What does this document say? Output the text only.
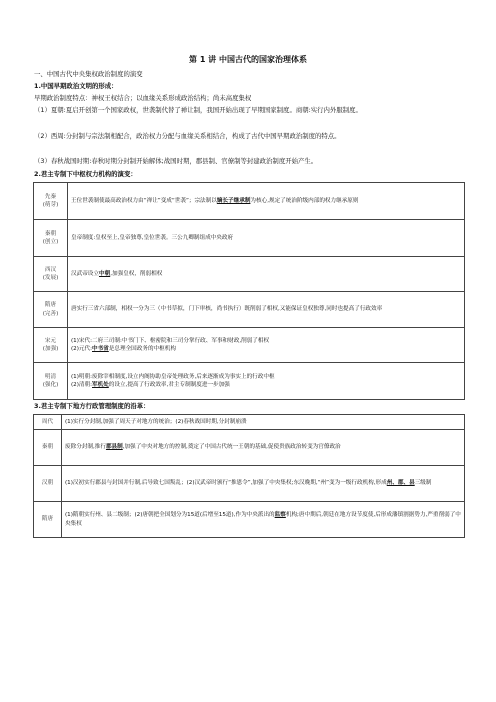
第 1 讲 中国古代的国家治理体系
一、中国古代中央集权政治制度的演变
1.中国早期政治文明的形成：
早期政治制度特点：神权王权结合；以血缘关系形成政治结构；尚未高度集权
（1）夏朝:夏启开创第一个国家政权，世袭制代替了禅让制，我国开始出现了早期国家制度。商朝:实行内外服制度。
（2）西周:分封制与宗法制相配合，政治权力分配与血缘关系相结合，构成了古代中国早期政治制度的特点。
（3）春秋战国时期:春秋时期分封制开始解体;战国时期，郡县制、官僚制等封建政治制度开始产生。
2.君主专制下中枢权力机构的演变：
先秦
(萌芽)	王位世袭制使最高政治权力由“禅让”变成“世袭”；宗法制以嫡长子继承制为核心,规定了统治阶级内部的权力继承原则
秦朝
(创立)	皇帝制度:皇权至上,皇帝独尊,皇位世袭。三公九卿制组成中央政府
西汉
(发展)	汉武帝设立中朝,加强皇权，削弱相权
隋唐
(完善)	唐实行三省六部制，相权一分为三（中书草拟，门下审核，尚书执行）既削弱了相权,又能保证皇权独尊,同时也提高了行政效率
宋元
(加强)	(1)宋代:二府三司制:中书门下、枢密院和三司分掌行政、军事和财政,削弱了相权
(2)元代:中书省是总理全国政务的中枢机构
明清
(强化)	(1)明朝:废除宰相制度,设立内阁协助皇帝处理政务,后来逐渐成为事实上的行政中枢
(2)清朝:军机处的设立,提高了行政效率,君主专制制度进一步加强
3.君主专制下地方行政管理制度的沿革：
周代	(1)实行分封制,加强了周天子对地方的统治；(2)春秋战国时期,分封制崩溃
秦朝	废除分封制,推行郡县制,加强了中央对地方的控制,奠定了中国古代统一王朝的基础,促使贵族政治转变为官僚政治
汉朝	(1)汉初实行郡县与封国并行制,后导致七国叛乱；(2)汉武帝时颁行“推恩令”,加强了中央集权;东汉晚期,“州”变为一级行政机构,形成州、郡、县三级制
隋唐	(1)隋朝实行州、县二级制；(2)唐朝把全国划分为15道(后增至15道),作为中央派出的监察机构;唐中期后,朝廷在地方设节度使,后形成藩镇割据势力,严重削弱了中央集权
